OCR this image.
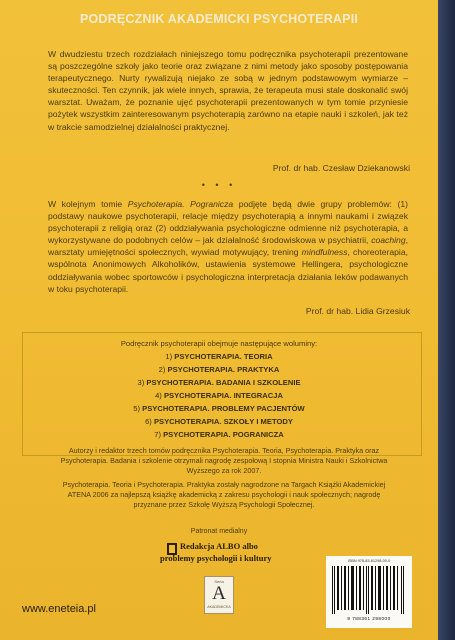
PODRĘCZNIK AKADEMICKI PSYCHOTERAPII

W dwudziestu trzech rozdziałach niniejszego tomu podręcznika psychoterapii prezentowane są poszczególne szkoły jako teorie oraz związane z nimi metody jako sposoby postępowania terapeutycznego. Nurty rywalizują niejako ze sobą w jednym podstawowym wymiarze – skuteczności. Ten czynnik, jak wiele innych, sprawia, że terapeuta musi stale doskonalić swój warsztat. Uważam, że poznanie ujęć psychoterapii prezentowanych w tym tomie przyniesie pożytek wszystkim zainteresowanym psychoterapią zarówno na etapie nauki i szkoleń, jak też w trakcie samodzielnej działalności praktycznej.

Prof. dr hab. Czesław Dziekanowski
• • •

W kolejnym tomie Psychoterapia. Pogranicza podjęte będą dwie grupy problemów: (1) podstawy naukowe psychoterapii, relacje między psychoterapią a innymi naukami i związek psychoterapii z religią oraz (2) oddziaływania psychologiczne odmienne niż psychoterapia, a wykorzystywane do podobnych celów – jak działalność środowiskowa w psychiatrii, coaching, warsztaty umiejętności społecznych, wywiad motywujący, trening mindfulness, choreoterapia, wspólnota Anonimowych Alkoholików, ustawienia systemowe Hellingera, psychologiczne oddziaływania wobec sportowców i psychologiczna interpretacja działania leków podawanych w toku psychoterapii.

Prof. dr hab. Lidia Grzesiuk
Podręcznik psychoterapii obejmuje następujące woluminy:
1) PSYCHOTERAPIA. TEORIA
2) PSYCHOTERAPIA. PRAKTYKA
3) PSYCHOTERAPIA. BADANIA I SZKOLENIE
4) PSYCHOTERAPIA. INTEGRACJA
5) PSYCHOTERAPIA. PROBLEMY PACJENTÓW
6) PSYCHOTERAPIA. SZKOŁY I METODY
7) PSYCHOTERAPIA. POGRANICZA

Autorzy i redaktor trzech tomów podręcznika Psychoterapia. Teoria, Psychoterapia. Praktyka oraz Psychoterapia. Badania i szkolenie otrzymali nagrodę zespołową I stopnia Ministra Nauki i Szkolnictwa Wyższego za rok 2007.

Psychoterapia. Teoria i Psychoterapia. Praktyka zostały nagrodzone na Targach Książki Akademickiej ATENA 2006 za najlepszą książkę akademicką z zakresu psychologii i nauk społecznych; nagrodę przyznane przez Szkołę Wyższą Psychologii Społecznej.

Patronat medialny
Redakcja ALBO albo
problemy psychologii i kultury
Seria
A
AKADEMICKA
www.eneteia.pl
ISBN 978-83-61298-00-0
9 788361 298000
